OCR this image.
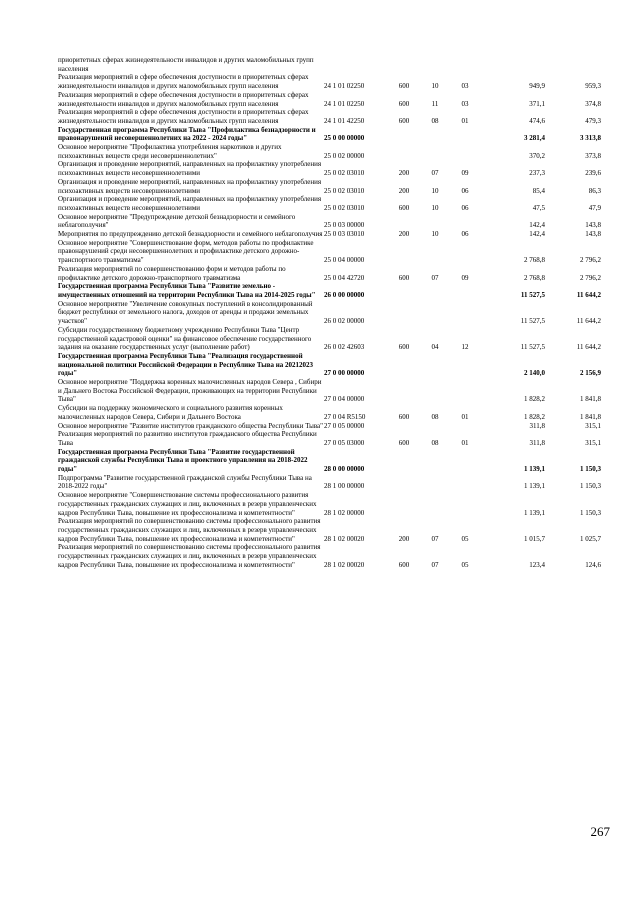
приоритетных сферах жизнедеятельности инвалидов и других маломобильных групп населения						
Реализация мероприятий в сфере обеспечения доступности в приоритетных сферах жизнедеятельности инвалидов и других маломобильных групп населения	24 1 01 02250	600	10	03	949,9	959,3
Реализация мероприятий в сфере обеспечения доступности в приоритетных сферах жизнедеятельности инвалидов и других маломобильных групп населения	24 1 01 02250	600	11	03	371,1	374,8
Реализация мероприятий в сфере обеспечения доступности в приоритетных сферах жизнедеятельности инвалидов и других маломобильных групп населения	24 1 01 42250	600	08	01	474,6	479,3
Государственная программа Республики Тыва "Профилактика безнадзорности и правонарушений несовершеннолетних на 2022 - 2024 годы"	25 0 00 00000				3 281,4	3 313,8
Основное мероприятие "Профилактика употребления наркотиков и других психоактивных веществ среди несовершеннолетних"	25 0 02 00000				370,2	373,8
Организация и проведение мероприятий, направленных на профилактику употребления психоактивных веществ несовершеннолетними	25 0 02 03010	200	07	09	237,3	239,6
Организация и проведение мероприятий, направленных на профилактику употребления психоактивных веществ несовершеннолетними	25 0 02 03010	200	10	06	85,4	86,3
Организация и проведение мероприятий, направленных на профилактику употребления психоактивных веществ несовершеннолетними	25 0 02 03010	600	10	06	47,5	47,9
Основное мероприятие "Предупреждение детской безнадзорности и семейного неблагополучия"	25 0 03 00000				142,4	143,8
Мероприятия по предупреждению детской безнадзорности и семейного неблагополучия	25 0 03 03010	200	10	06	142,4	143,8
Основное мероприятие "Совершенствование форм, методов работы по профилактике правонарушений среди несовершеннолетних и профилактике детского дорожно-транспортного травматизма"	25 0 04 00000				2 768,8	2 796,2
Реализация мероприятий по совершенствованию форм и методов работы по профилактике детского дорожно-транспортного травматизма	25 0 04 42720	600	07	09	2 768,8	2 796,2
Государственная программа Республики Тыва "Развитие земельно - имущественных отношений на территории Республики Тыва на 2014-2025 годы"	26 0 00 00000				11 527,5	11 644,2
Основное мероприятие "Увеличение совокупных поступлений в консолидированный бюджет республики от земельного налога, доходов от аренды и продажи земельных участков"	26 0 02 00000				11 527,5	11 644,2
Субсидии государственному бюджетному учреждению Республики Тыва "Центр государственной кадастровой оценки" на финансовое обеспечение государственного задания на оказание государственных услуг (выполнение работ)	26 0 02 42603	600	04	12	11 527,5	11 644,2
Государственная программа Республики Тыва "Реализация государственной национальной политики Российской Федерации в Республике Тыва на 20212023 годы"	27 0 00 00000				2 140,0	2 156,9
Основное мероприятие "Поддержка коренных малочисленных народов Севера , Сибири и Дальнего Востока Российской Федерации, проживающих на территории Республики Тыва"	27 0 04 00000				1 828,2	1 841,8
Субсидии на поддержку экономического и социального развития коренных малочисленных народов Севера, Сибири и Дальнего Востока	27 0 04 R5150	600	08	01	1 828,2	1 841,8
Основное мероприятие "Развитие институтов гражданского общества Республики Тыва"	27 0 05 00000				311,8	315,1
Реализация мероприятий по развитию институтов гражданского общества Республики Тыва	27 0 05 03000	600	08	01	311,8	315,1
Государственная программа Республики Тыва "Развитие государственной гражданской службы Республики Тыва и проектного управления на 2018-2022 годы"	28 0 00 00000				1 139,1	1 150,3
Подпрограмма "Развитие государственной гражданской службы Республики Тыва на 2018-2022 годы"	28 1 00 00000				1 139,1	1 150,3
Основное мероприятие "Совершенствование системы профессионального развития государственных гражданских служащих и лиц, включенных в резерв управленческих кадров Республики Тыва, повышение их профессионализма и компетентности"	28 1 02 00000				1 139,1	1 150,3
Реализация мероприятий по совершенствованию системы профессионального развития государственных гражданских служащих и лиц, включенных в резерв управленческих кадров Республики Тыва, повышение их профессионализма и компетентности"	28 1 02 00020	200	07	05	1 015,7	1 025,7
Реализация мероприятий по совершенствованию системы профессионального развития государственных гражданских служащих и лиц, включенных в резерв управленческих кадров Республики Тыва, повышение их профессионализма и компетентности"	28 1 02 00020	600	07	05	123,4	124,6
267
